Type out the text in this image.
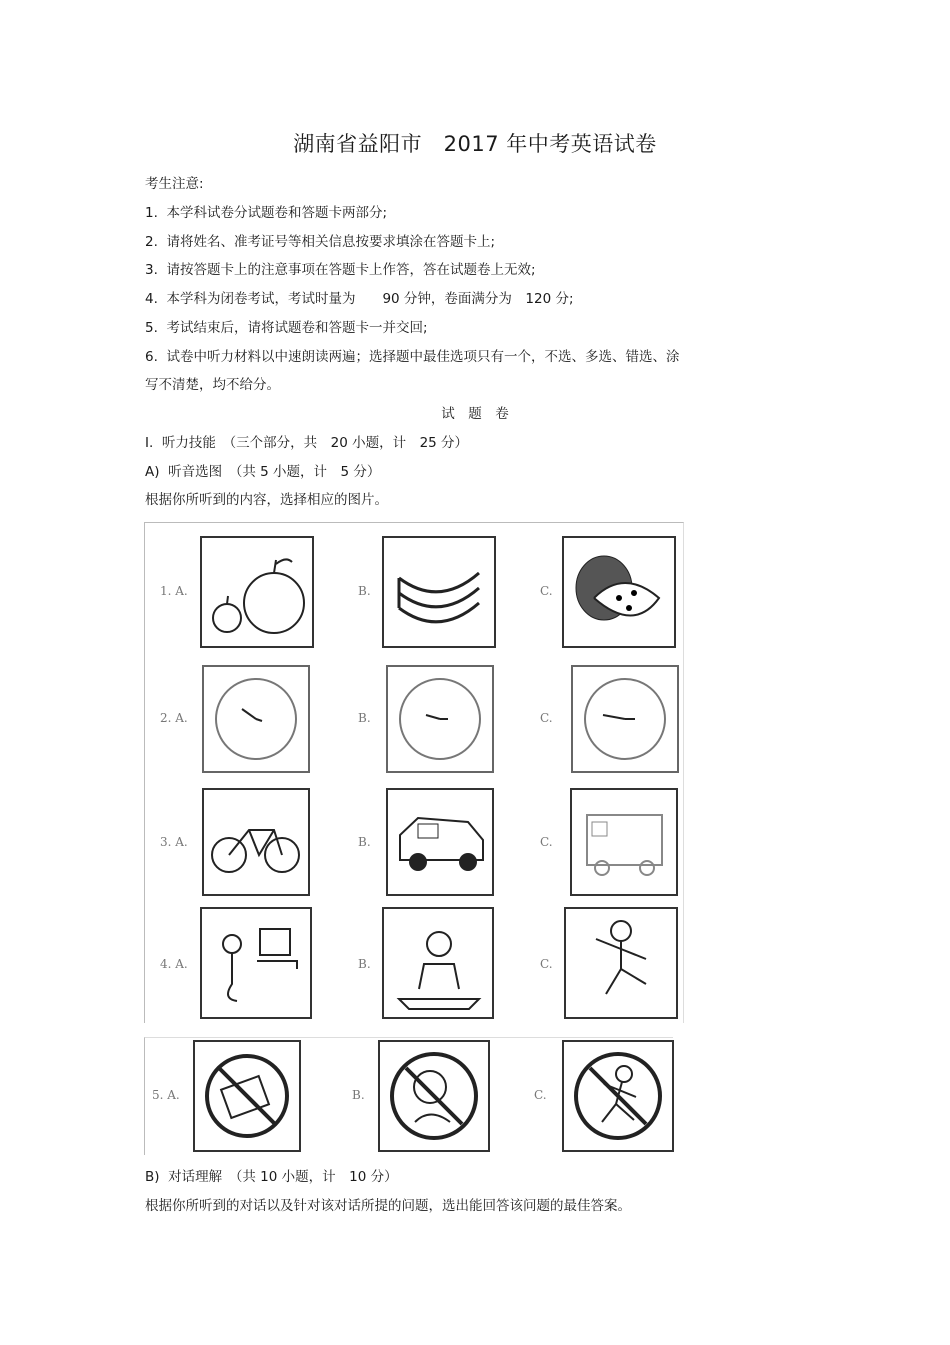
湖南省益阳市　2017 年中考英语试卷
考生注意:
1.  本学科试卷分试题卷和答题卡两部分;
2.  请将姓名、准考证号等相关信息按要求填涂在答题卡上;
3.  请按答题卡上的注意事项在答题卡上作答，答在试题卷上无效;
4.  本学科为闭卷考试，考试时量为　　90 分钟，卷面满分为　120 分;
5.  考试结束后，请将试题卷和答题卡一并交回;
6.  试卷中听力材料以中速朗读两遍；选择题中最佳选项只有一个，不选、多选、错选、涂
写不清楚，均不给分。
试　题　卷
Ⅰ.  听力技能　（三个部分，共　20 小题，计　25 分）
A)  听音选图　（共 5 小题，计　5 分）
根据你所听到的内容，选择相应的图片。
1. A.	B.	C.
2. A.	B.	C.
3. A.	B.	C.
4. A.	B.	C.
5. A.	B.	C.
B)  对话理解　（共 10 小题，计　10 分）
根据你所听到的对话以及针对该对话所提的问题，选出能回答该问题的最佳答案。
